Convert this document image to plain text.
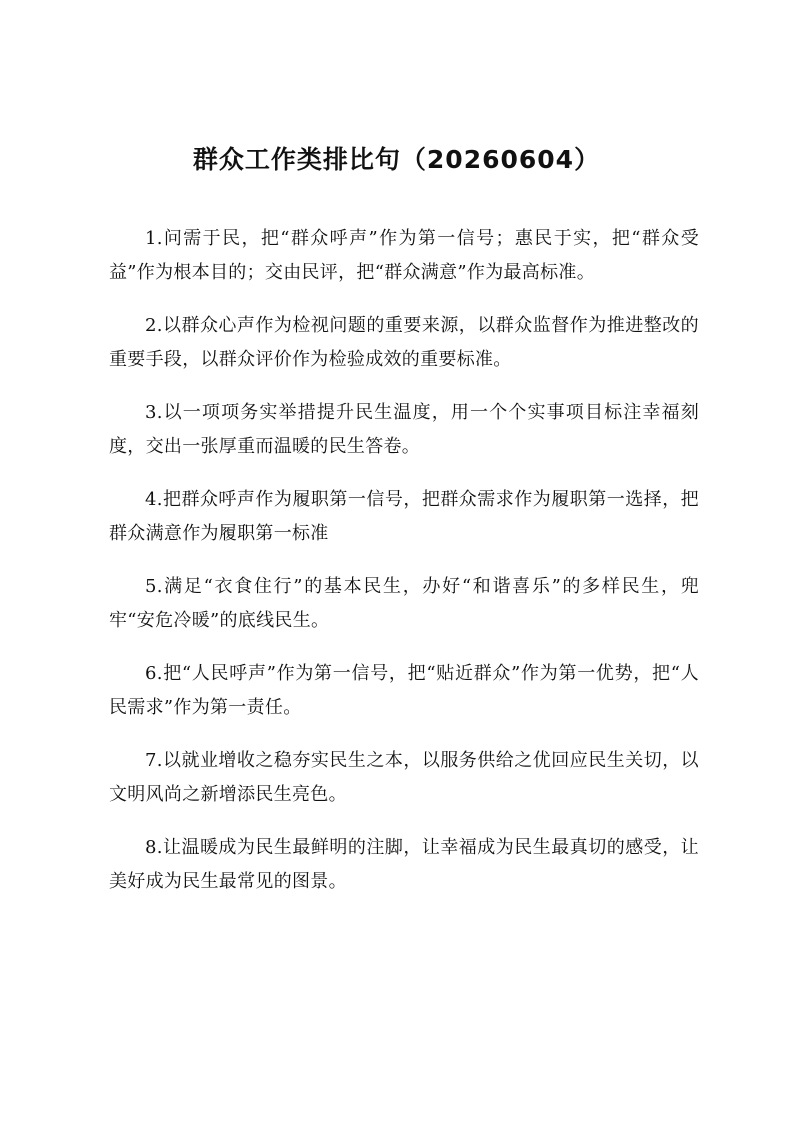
群众工作类排比句（20260604）

1.问需于民，把“群众呼声”作为第一信号；惠民于实，把“群众受益”作为根本目的；交由民评，把“群众满意”作为最高标准。

2.以群众心声作为检视问题的重要来源，以群众监督作为推进整改的重要手段，以群众评价作为检验成效的重要标准。

3.以一项项务实举措提升民生温度，用一个个实事项目标注幸福刻度，交出一张厚重而温暖的民生答卷。

4.把群众呼声作为履职第一信号，把群众需求作为履职第一选择，把群众满意作为履职第一标准

5.满足“衣食住行”的基本民生，办好“和谐喜乐”的多样民生，兜牢“安危冷暖”的底线民生。

6.把“人民呼声”作为第一信号，把“贴近群众”作为第一优势，把“人民需求”作为第一责任。

7.以就业增收之稳夯实民生之本，以服务供给之优回应民生关切，以文明风尚之新增添民生亮色。

8.让温暖成为民生最鲜明的注脚，让幸福成为民生最真切的感受，让美好成为民生最常见的图景。
